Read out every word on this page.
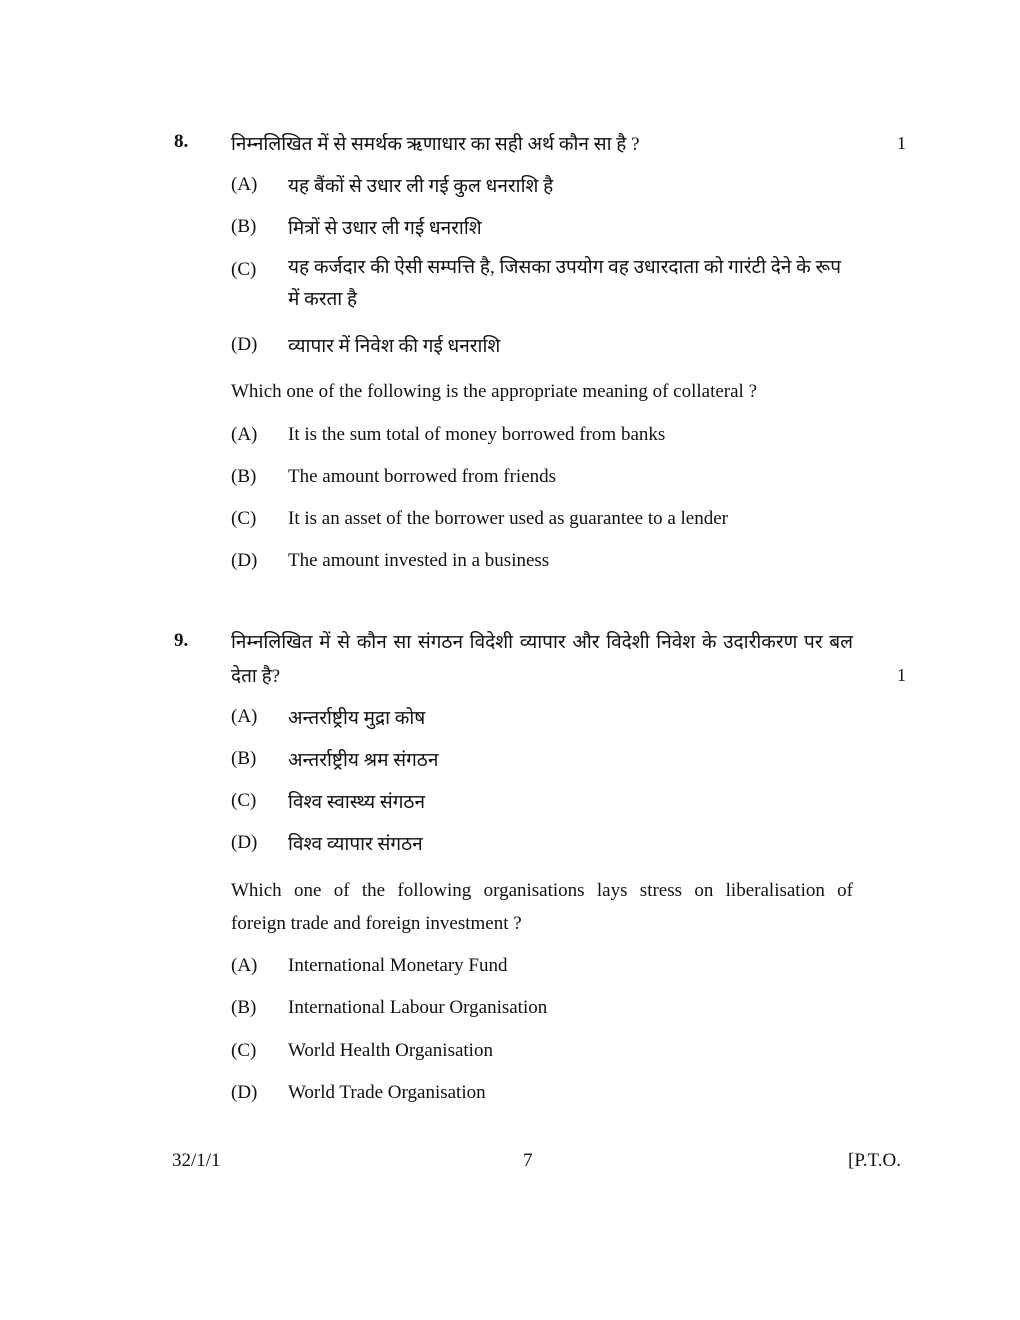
8. निम्नलिखित में से समर्थक ऋणाधार का सही अर्थ कौन सा है ?	1
(A) यह बैंकों से उधार ली गई कुल धनराशि है
(B) मित्रों से उधार ली गई धनराशि
(C) यह कर्जदार की ऐसी सम्पत्ति है, जिसका उपयोग वह उधारदाता को गारंटी देने के रूप में करता है
(D) व्यापार में निवेश की गई धनराशि
Which one of the following is the appropriate meaning of collateral ?
(A) It is the sum total of money borrowed from banks
(B) The amount borrowed from friends
(C) It is an asset of the borrower used as guarantee to a lender
(D) The amount invested in a business
9. निम्नलिखित में से कौन सा संगठन विदेशी व्यापार और विदेशी निवेश के उदारीकरण पर बल
देता है?	1
(A) अन्तर्राष्ट्रीय मुद्रा कोष
(B) अन्तर्राष्ट्रीय श्रम संगठन
(C) विश्व स्वास्थ्य संगठन
(D) विश्व व्यापार संगठन
Which one of the following organisations lays stress on liberalisation of
foreign trade and foreign investment ?
(A) International Monetary Fund
(B) International Labour Organisation
(C) World Health Organisation
(D) World Trade Organisation
32/1/1	7	[P.T.O.
